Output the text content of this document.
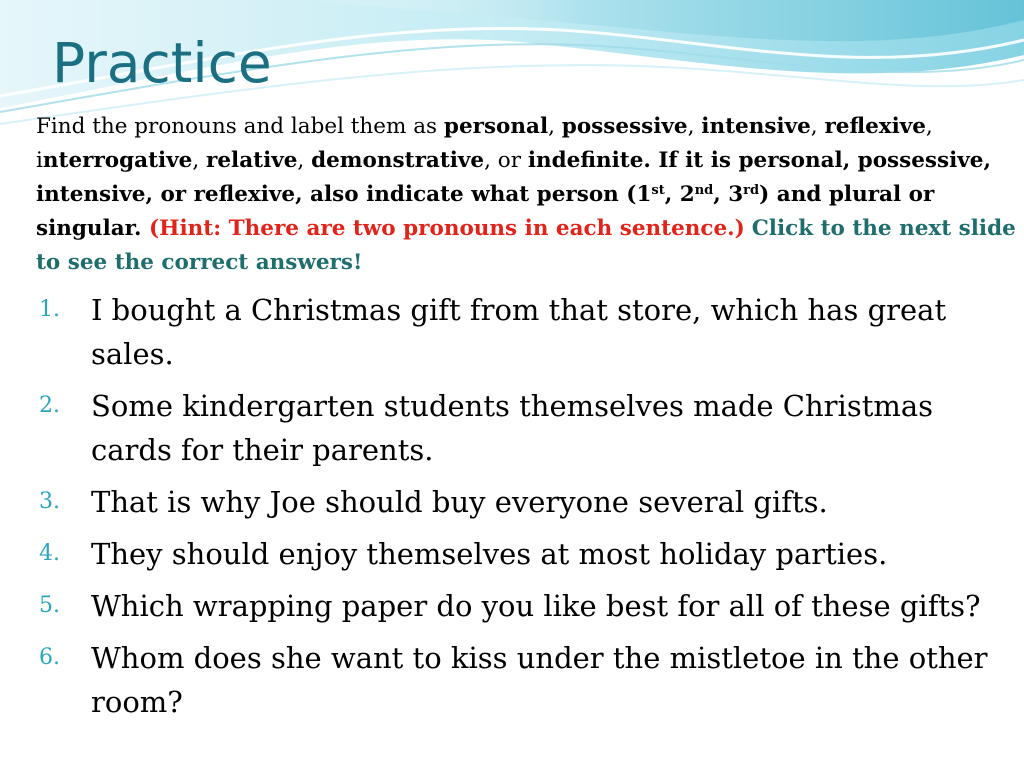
Practice

Find the pronouns and label them as personal, possessive, intensive, reflexive, interrogative, relative, demonstrative, or indefinite. If it is personal, possessive, intensive, or reflexive, also indicate what person (1st, 2nd, 3rd) and plural or singular. (Hint: There are two pronouns in each sentence.) Click to the next slide to see the correct answers!

1. I bought a Christmas gift from that store, which has great sales.
2. Some kindergarten students themselves made Christmas cards for their parents.
3. That is why Joe should buy everyone several gifts.
4. They should enjoy themselves at most holiday parties.
5. Which wrapping paper do you like best for all of these gifts?
6. Whom does she want to kiss under the mistletoe in the other room?
